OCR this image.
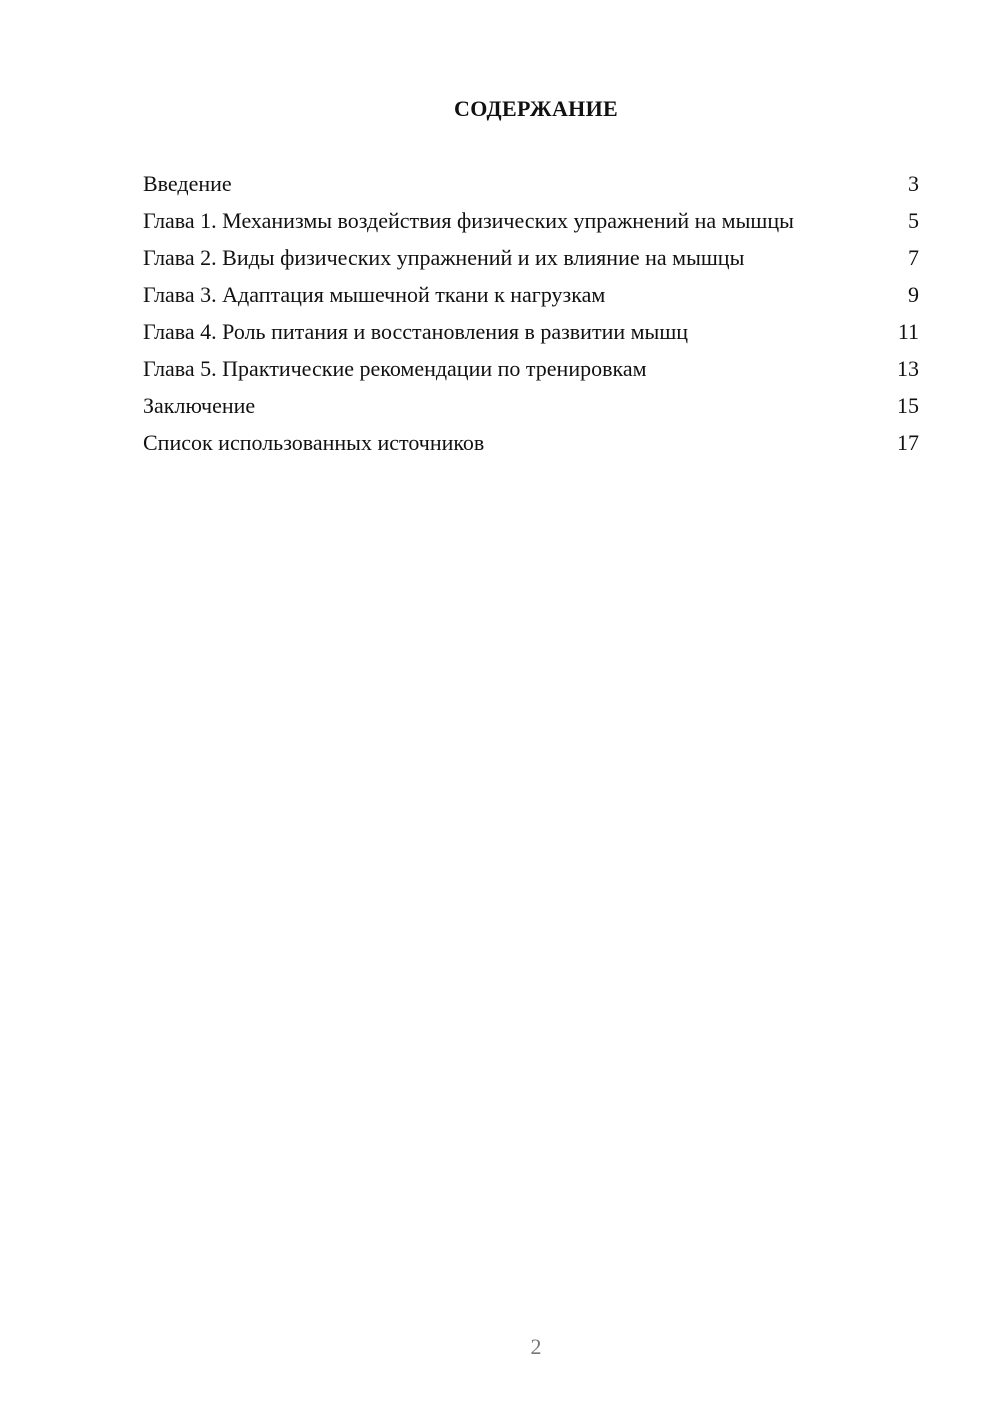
СОДЕРЖАНИЕ
Введение	3
Глава 1. Механизмы воздействия физических упражнений на мышцы	5
Глава 2. Виды физических упражнений и их влияние на мышцы	7
Глава 3. Адаптация мышечной ткани к нагрузкам	9
Глава 4. Роль питания и восстановления в развитии мышц	11
Глава 5. Практические рекомендации по тренировкам	13
Заключение	15
Список использованных источников	17
2
